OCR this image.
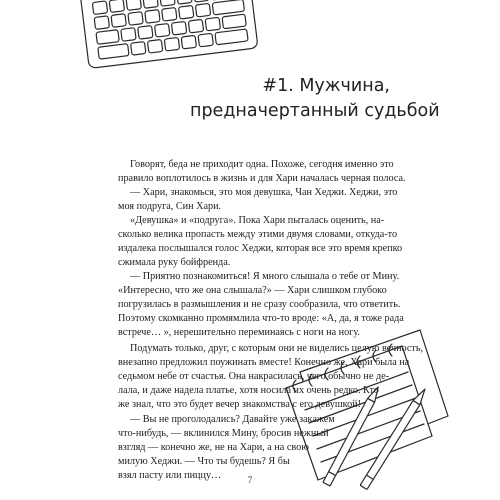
#1. Мужчина,
предначертанный судьбой
Говорят, беда не приходит одна. Похоже, сегодня именно это
правило воплотилось в жизнь и для Хари началась черная полоса.
— Хари, знакомься, это моя девушка, Чан Хеджи. Хеджи, это
моя подруга, Син Хари.
«Девушка» и «подруга». Пока Хари пыталась оценить, на-
сколько велика пропасть между этими двумя словами, откуда-то
издалека послышался голос Хеджи, которая все это время крепко
сжимала руку бойфренда.
— Приятно познакомиться! Я много слышала о тебе от Мину.
«Интересно, что же она слышала?» — Хари слишком глубоко
погрузилась в размышления и не сразу сообразила, что ответить.
Поэтому скомканно промямлила что-то вроде: «А, да, я тоже рада
встрече… », нерешительно переминаясь с ноги на ногу.
Подумать только, друг, с которым они не виделись целую вечность,
внезапно предложил поужинать вместе! Конечно же, Хари была на
седьмом небе от счастья. Она накрасилась, чего обычно не де-
лала, и даже надела платье, хотя носила их очень редко. Кто
же знал, что это будет вечер знакомства с его девушкой!
— Вы не проголодались? Давайте уже закажем
что-нибудь, — вклинился Мину, бросив нежный
взгляд — конечно же, не на Хари, а на свою
милую Хеджи. — Что ты будешь? Я бы
взял пасту или пиццу…	7
